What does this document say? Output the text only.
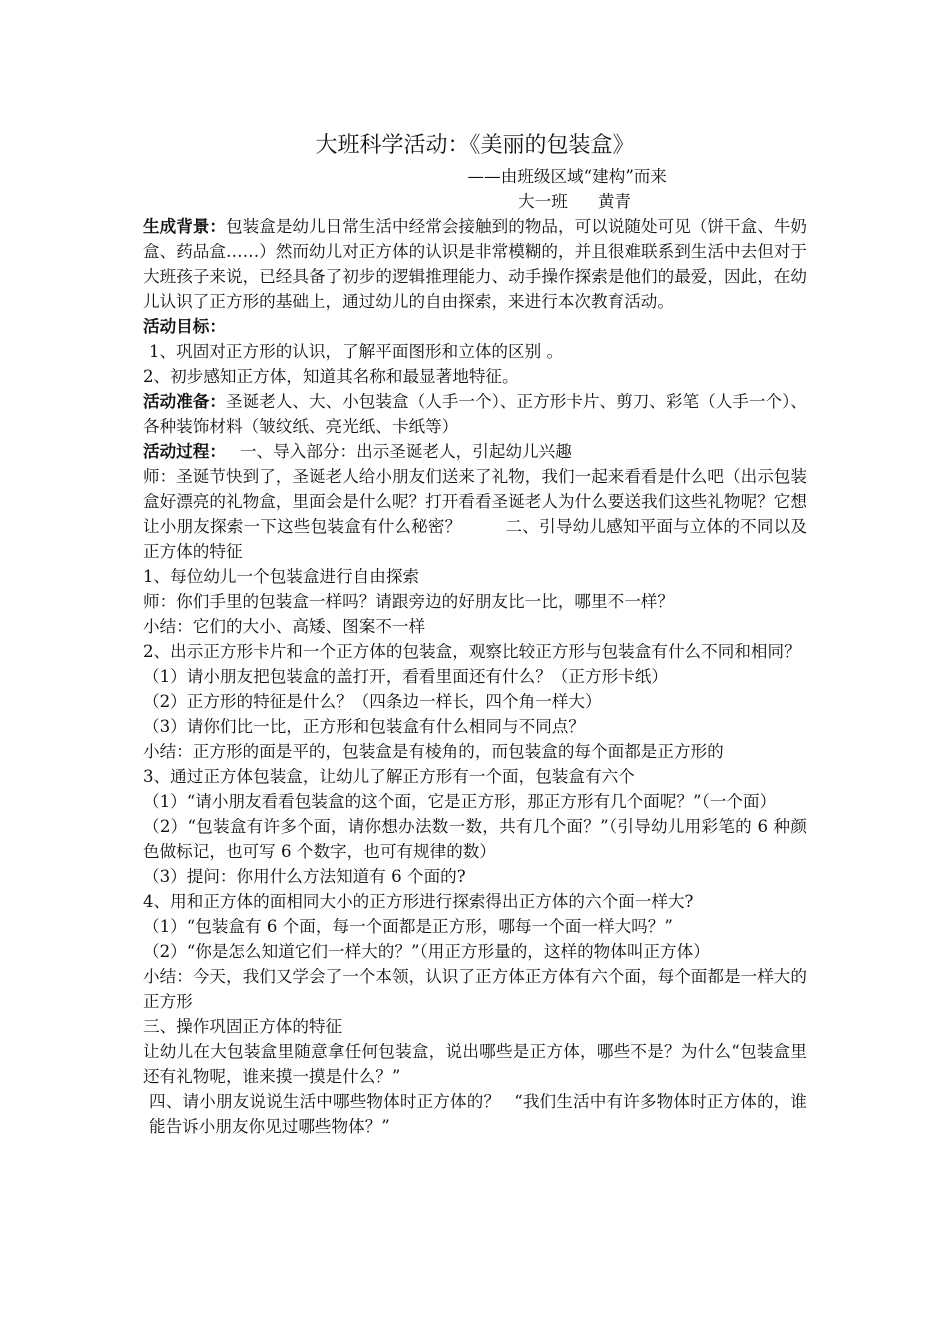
大班科学活动：《美丽的包装盒》
——由班级区域“建构”而来
大一班 黄青

生成背景：包装盒是幼儿日常生活中经常会接触到的物品，可以说随处可见（饼干盒、牛奶盒、药品盒……）然而幼儿对正方体的认识是非常模糊的，并且很难联系到生活中去但对于大班孩子来说，已经具备了初步的逻辑推理能力、动手操作探索是他们的最爱，因此，在幼儿认识了正方形的基础上，通过幼儿的自由探索，来进行本次教育活动。

活动目标：

1、巩固对正方形的认识，了解平面图形和立体的区别 。

2、初步感知正方体，知道其名称和最显著地特征。

活动准备：圣诞老人、大、小包装盒（人手一个）、正方形卡片、剪刀、彩笔（人手一个）、各种装饰材料（皱纹纸、亮光纸、卡纸等）

活动过程： 一、导入部分：出示圣诞老人，引起幼儿兴趣

师：圣诞节快到了，圣诞老人给小朋友们送来了礼物，我们一起来看看是什么吧（出示包装盒好漂亮的礼物盒，里面会是什么呢？打开看看圣诞老人为什么要送我们这些礼物呢？它想让小朋友探索一下这些包装盒有什么秘密？	二、引导幼儿感知平面与立体的不同以及正方体的特征

1、每位幼儿一个包装盒进行自由探索

师：你们手里的包装盒一样吗？请跟旁边的好朋友比一比，哪里不一样？

小结：它们的大小、高矮、图案不一样

2、出示正方形卡片和一个正方体的包装盒，观察比较正方形与包装盒有什么不同和相同？

（1）请小朋友把包装盒的盖打开，看看里面还有什么？（正方形卡纸）

（2）正方形的特征是什么？（四条边一样长，四个角一样大）

（3）请你们比一比，正方形和包装盒有什么相同与不同点？

小结：正方形的面是平的，包装盒是有棱角的，而包装盒的每个面都是正方形的

3、通过正方体包装盒，让幼儿了解正方形有一个面，包装盒有六个

（1）“请小朋友看看包装盒的这个面，它是正方形，那正方形有几个面呢？”（一个面）

（2）“包装盒有许多个面，请你想办法数一数，共有几个面？”（引导幼儿用彩笔的 6 种颜色做标记，也可写 6 个数字，也可有规律的数）

（3）提问：你用什么方法知道有 6 个面的?

4、用和正方体的面相同大小的正方形进行探索得出正方体的六个面一样大?

（1）“包装盒有 6 个面，每一个面都是正方形，哪每一个面一样大吗？”

（2）“你是怎么知道它们一样大的？”（用正方形量的，这样的物体叫正方体）

小结：今天，我们又学会了一个本领，认识了正方体正方体有六个面，每个面都是一样大的正方形

三、操作巩固正方体的特征

让幼儿在大包装盒里随意拿任何包装盒，说出哪些是正方体，哪些不是？为什么“包装盒里还有礼物呢，谁来摸一摸是什么？”

四、请小朋友说说生活中哪些物体时正方体的？ “我们生活中有许多物体时正方体的，谁能告诉小朋友你见过哪些物体？”
